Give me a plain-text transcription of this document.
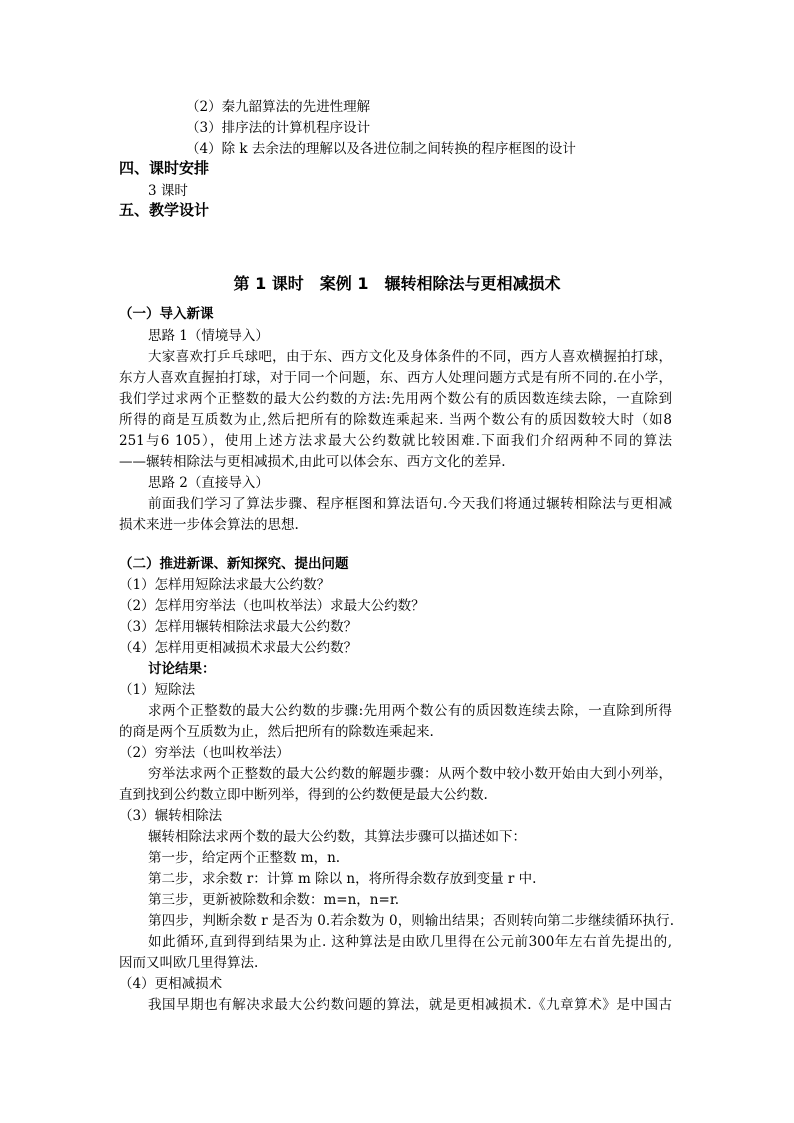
（2）秦九韶算法的先进性理解
（3）排序法的计算机程序设计
（4）除 k 去余法的理解以及各进位制之间转换的程序框图的设计
四、课时安排
3 课时
五、教学设计
第 1 课时　案例 1　辗转相除法与更相减损术
（一）导入新课
思路 1（情境导入）
大家喜欢打乒乓球吧，由于东、西方文化及身体条件的不同，西方人喜欢横握拍打球，
东方人喜欢直握拍打球，对于同一个问题，东、西方人处理问题方式是有所不同的.在小学，
我们学过求两个正整数的最大公约数的方法:先用两个数公有的质因数连续去除，一直除到
所得的商是互质数为止,然后把所有的除数连乘起来. 当两个数公有的质因数较大时（如8
251与6 105），使用上述方法求最大公约数就比较困难.下面我们介绍两种不同的算法
——辗转相除法与更相减损术,由此可以体会东、西方文化的差异.
思路 2（直接导入）
前面我们学习了算法步骤、程序框图和算法语句.今天我们将通过辗转相除法与更相减
损术来进一步体会算法的思想.
（二）推进新课、新知探究、提出问题
（1）怎样用短除法求最大公约数？
（2）怎样用穷举法（也叫枚举法）求最大公约数？
（3）怎样用辗转相除法求最大公约数？
（4）怎样用更相减损术求最大公约数？
讨论结果：
（1）短除法
求两个正整数的最大公约数的步骤:先用两个数公有的质因数连续去除，一直除到所得
的商是两个互质数为止，然后把所有的除数连乘起来.
（2）穷举法（也叫枚举法）
穷举法求两个正整数的最大公约数的解题步骤：从两个数中较小数开始由大到小列举，
直到找到公约数立即中断列举，得到的公约数便是最大公约数.
（3）辗转相除法
辗转相除法求两个数的最大公约数，其算法步骤可以描述如下：
第一步，给定两个正整数 m，n.
第二步，求余数 r：计算 m 除以 n，将所得余数存放到变量 r 中.
第三步，更新被除数和余数：m=n，n=r.
第四步，判断余数 r 是否为 0.若余数为 0，则输出结果；否则转向第二步继续循环执行.
如此循环,直到得到结果为止. 这种算法是由欧几里得在公元前300年左右首先提出的,
因而又叫欧几里得算法.
（4）更相减损术
我国早期也有解决求最大公约数问题的算法，就是更相减损术.《九章算术》是中国古
